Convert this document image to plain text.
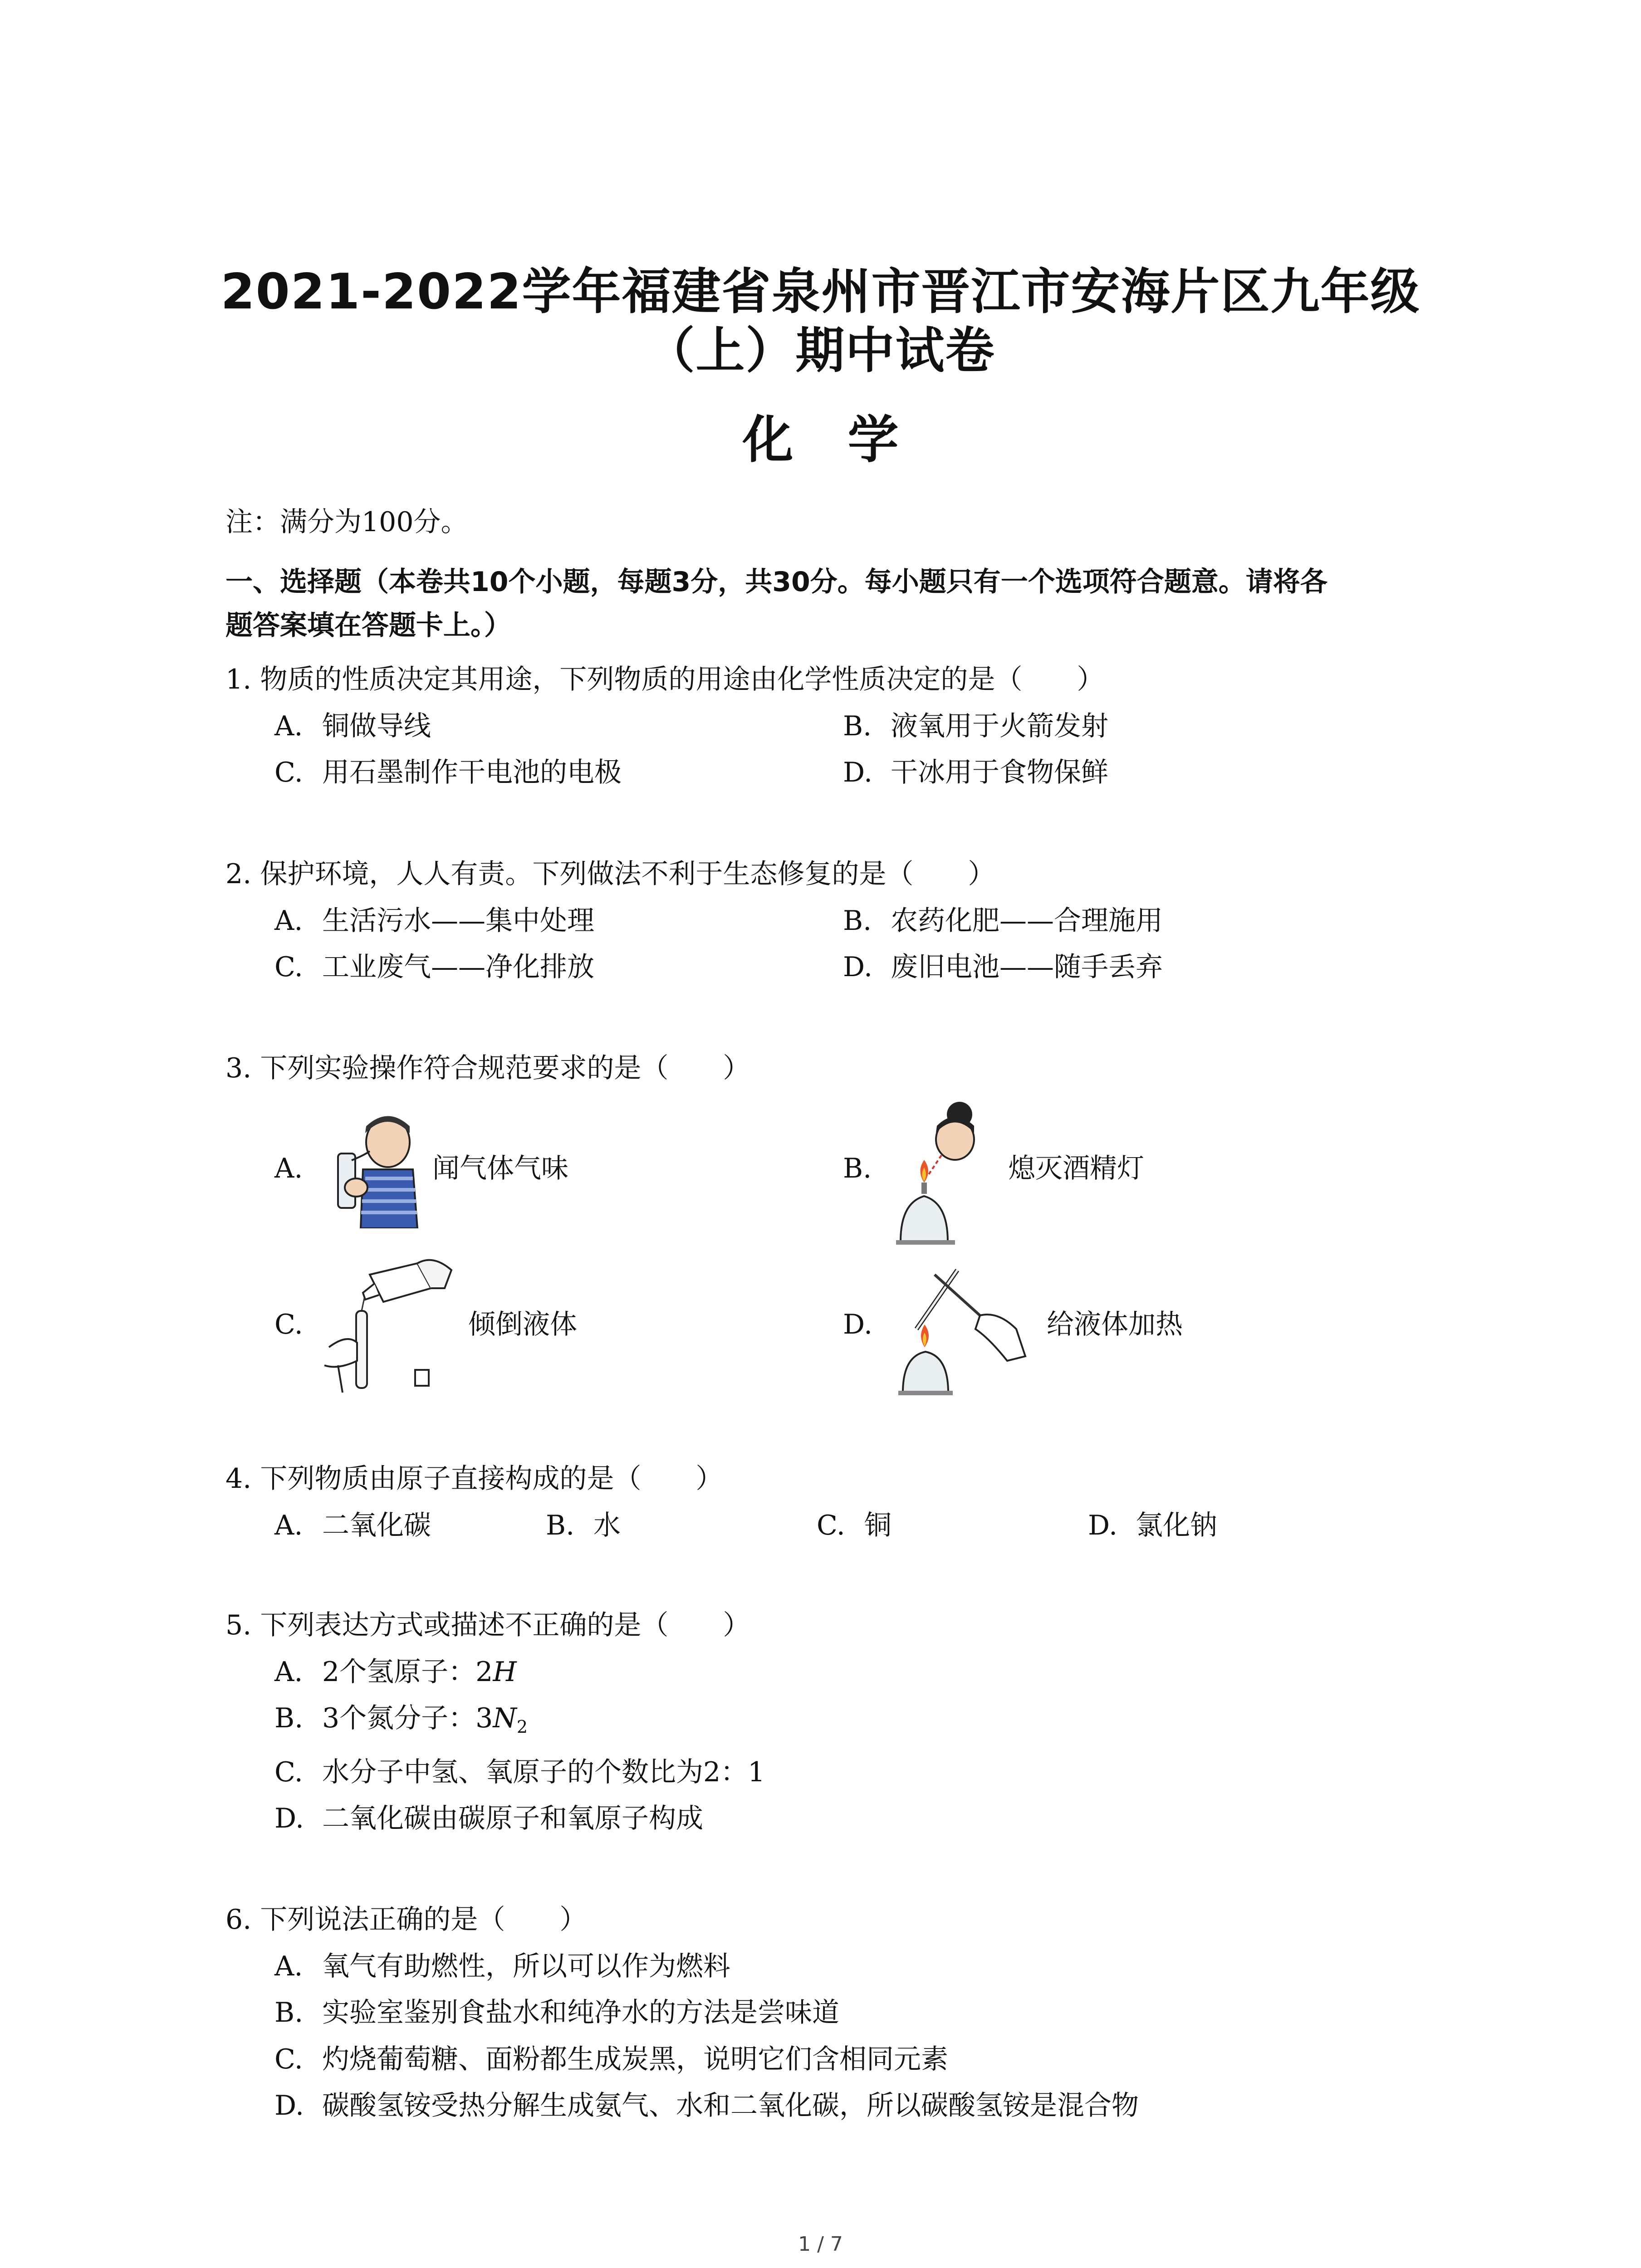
2021-2022学年福建省泉州市晋江市安海片区九年级
（上）期中试卷
化学
注：满分为100分。
一、选择题（本卷共10个小题，每题3分，共30分。每小题只有一个选项符合题意。请将各
题答案填在答题卡上。）
1. 物质的性质决定其用途，下列物质的用途由化学性质决定的是（　　）
A. 铜做导线	B. 液氧用于火箭发射
C. 用石墨制作干电池的电极	D. 干冰用于食物保鲜
2. 保护环境，人人有责。下列做法不利于生态修复的是（　　）
A. 生活污水——集中处理	B. 农药化肥——合理施用
C. 工业废气——净化排放	D. 废旧电池——随手丢弃
3. 下列实验操作符合规范要求的是（　　）
A.	闻气体气味	B.	熄灭酒精灯
C.	倾倒液体	D.	给液体加热
4. 下列物质由原子直接构成的是（　　）
A. 二氧化碳	B. 水	C. 铜	D. 氯化钠
5. 下列表达方式或描述不正确的是（　　）
A. 2个氢原子：2H
B. 3个氮分子：$3N_2$
C. 水分子中氢、氧原子的个数比为2：1
D. 二氧化碳由碳原子和氧原子构成
6. 下列说法正确的是（　　）
A. 氧气有助燃性，所以可以作为燃料
B. 实验室鉴别食盐水和纯净水的方法是尝味道
C. 灼烧葡萄糖、面粉都生成炭黑，说明它们含相同元素
D. 碳酸氢铵受热分解生成氨气、水和二氧化碳，所以碳酸氢铵是混合物
1 / 7
